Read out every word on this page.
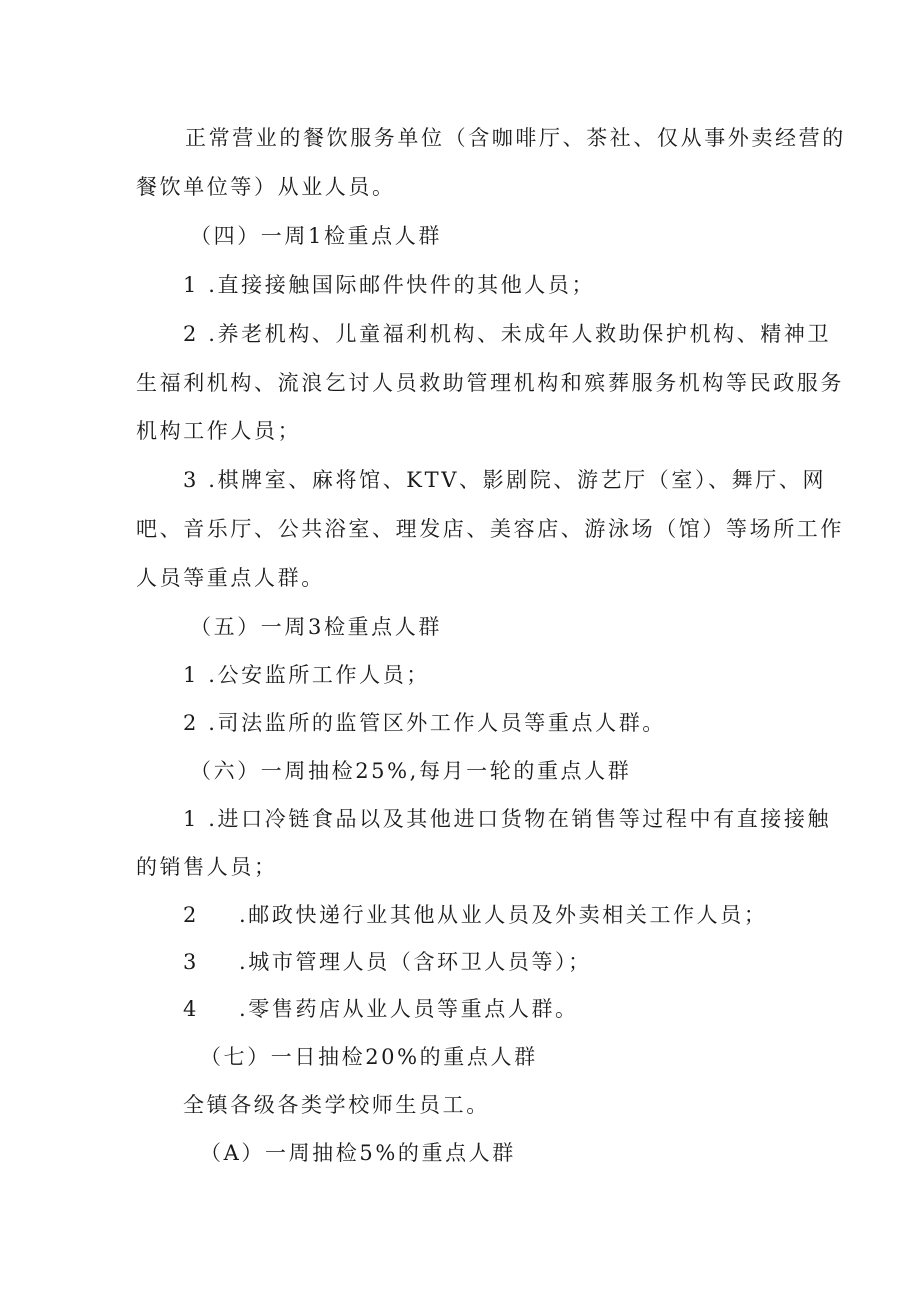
正常营业的餐饮服务单位（含咖啡厅、茶社、仅从事外卖经营的
餐饮单位等）从业人员。
（四）一周1检重点人群
1 .直接接触国际邮件快件的其他人员；
2 .养老机构、儿童福利机构、未成年人救助保护机构、精神卫
生福利机构、流浪乞讨人员救助管理机构和殡葬服务机构等民政服务
机构工作人员；
3 .棋牌室、麻将馆、KTV、影剧院、游艺厅（室）、舞厅、网
吧、音乐厅、公共浴室、理发店、美容店、游泳场（馆）等场所工作
人员等重点人群。
（五）一周3检重点人群
1 .公安监所工作人员；
2 .司法监所的监管区外工作人员等重点人群。
（六）一周抽检25%,每月一轮的重点人群
1 .进口冷链食品以及其他进口货物在销售等过程中有直接接触
的销售人员；
2 .邮政快递行业其他从业人员及外卖相关工作人员；
3 .城市管理人员（含环卫人员等）；
4 .零售药店从业人员等重点人群。
（七）一日抽检20%的重点人群
全镇各级各类学校师生员工。
（A）一周抽检5%的重点人群
